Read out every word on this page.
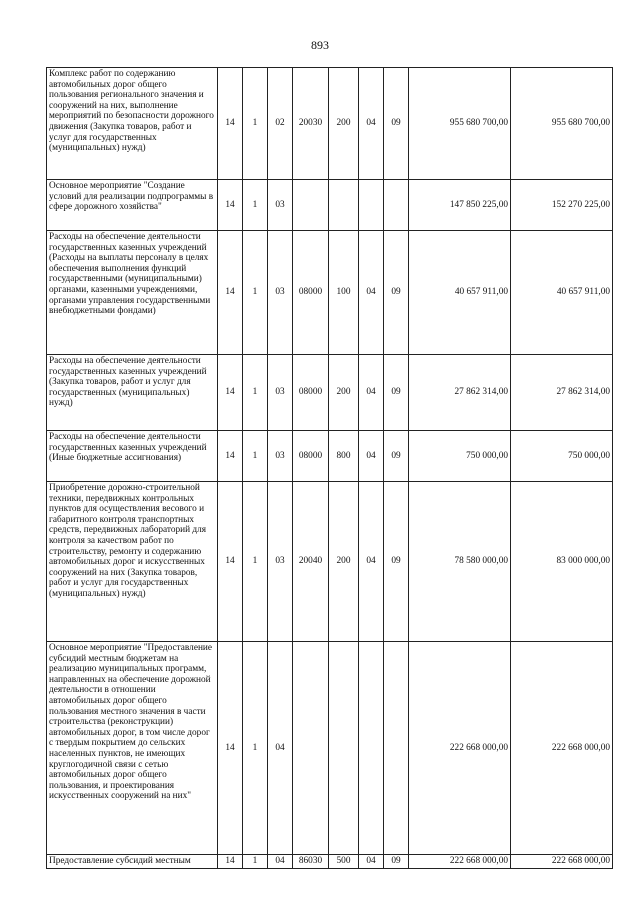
893
Комплекс работ по содержанию автомобильных дорог общего пользования регионального значения и сооружений на них, выполнение мероприятий по безопасности дорожного движения (Закупка товаров, работ и услуг для государственных (муниципальных) нужд)	14	1	02	20030	200	04	09	955 680 700,00	955 680 700,00
Основное мероприятие "Создание условий для реализации подпрограммы в сфере дорожного хозяйства"	14	1	03					147 850 225,00	152 270 225,00
Расходы на обеспечение деятельности государственных казенных учреждений (Расходы на выплаты персоналу в целях обеспечения выполнения функций государственными (муниципальными) органами, казенными учреждениями, органами управления государственными внебюджетными фондами)	14	1	03	08000	100	04	09	40 657 911,00	40 657 911,00
Расходы на обеспечение деятельности государственных казенных учреждений (Закупка товаров, работ и услуг для государственных (муниципальных) нужд)	14	1	03	08000	200	04	09	27 862 314,00	27 862 314,00
Расходы на обеспечение деятельности государственных казенных учреждений (Иные бюджетные ассигнования)	14	1	03	08000	800	04	09	750 000,00	750 000,00
Приобретение дорожно-строительной техники, передвижных контрольных пунктов для осуществления весового и габаритного контроля транспортных средств, передвижных лабораторий для контроля за качеством работ по строительству, ремонту и содержанию автомобильных дорог и искусственных сооружений на них (Закупка товаров, работ и услуг для государственных (муниципальных) нужд)	14	1	03	20040	200	04	09	78 580 000,00	83 000 000,00
Основное мероприятие "Предоставление субсидий местным бюджетам на реализацию муниципальных программ, направленных на обеспечение дорожной деятельности в отношении автомобильных дорог общего пользования местного значения в части строительства (реконструкции) автомобильных дорог, в том числе дорог с твердым покрытием до сельских населенных пунктов, не имеющих круглогодичной связи с сетью автомобильных дорог общего пользования, и проектирования искусственных сооружений на них"	14	1	04					222 668 000,00	222 668 000,00
Предоставление субсидий местным	14	1	04	86030	500	04	09	222 668 000,00	222 668 000,00
